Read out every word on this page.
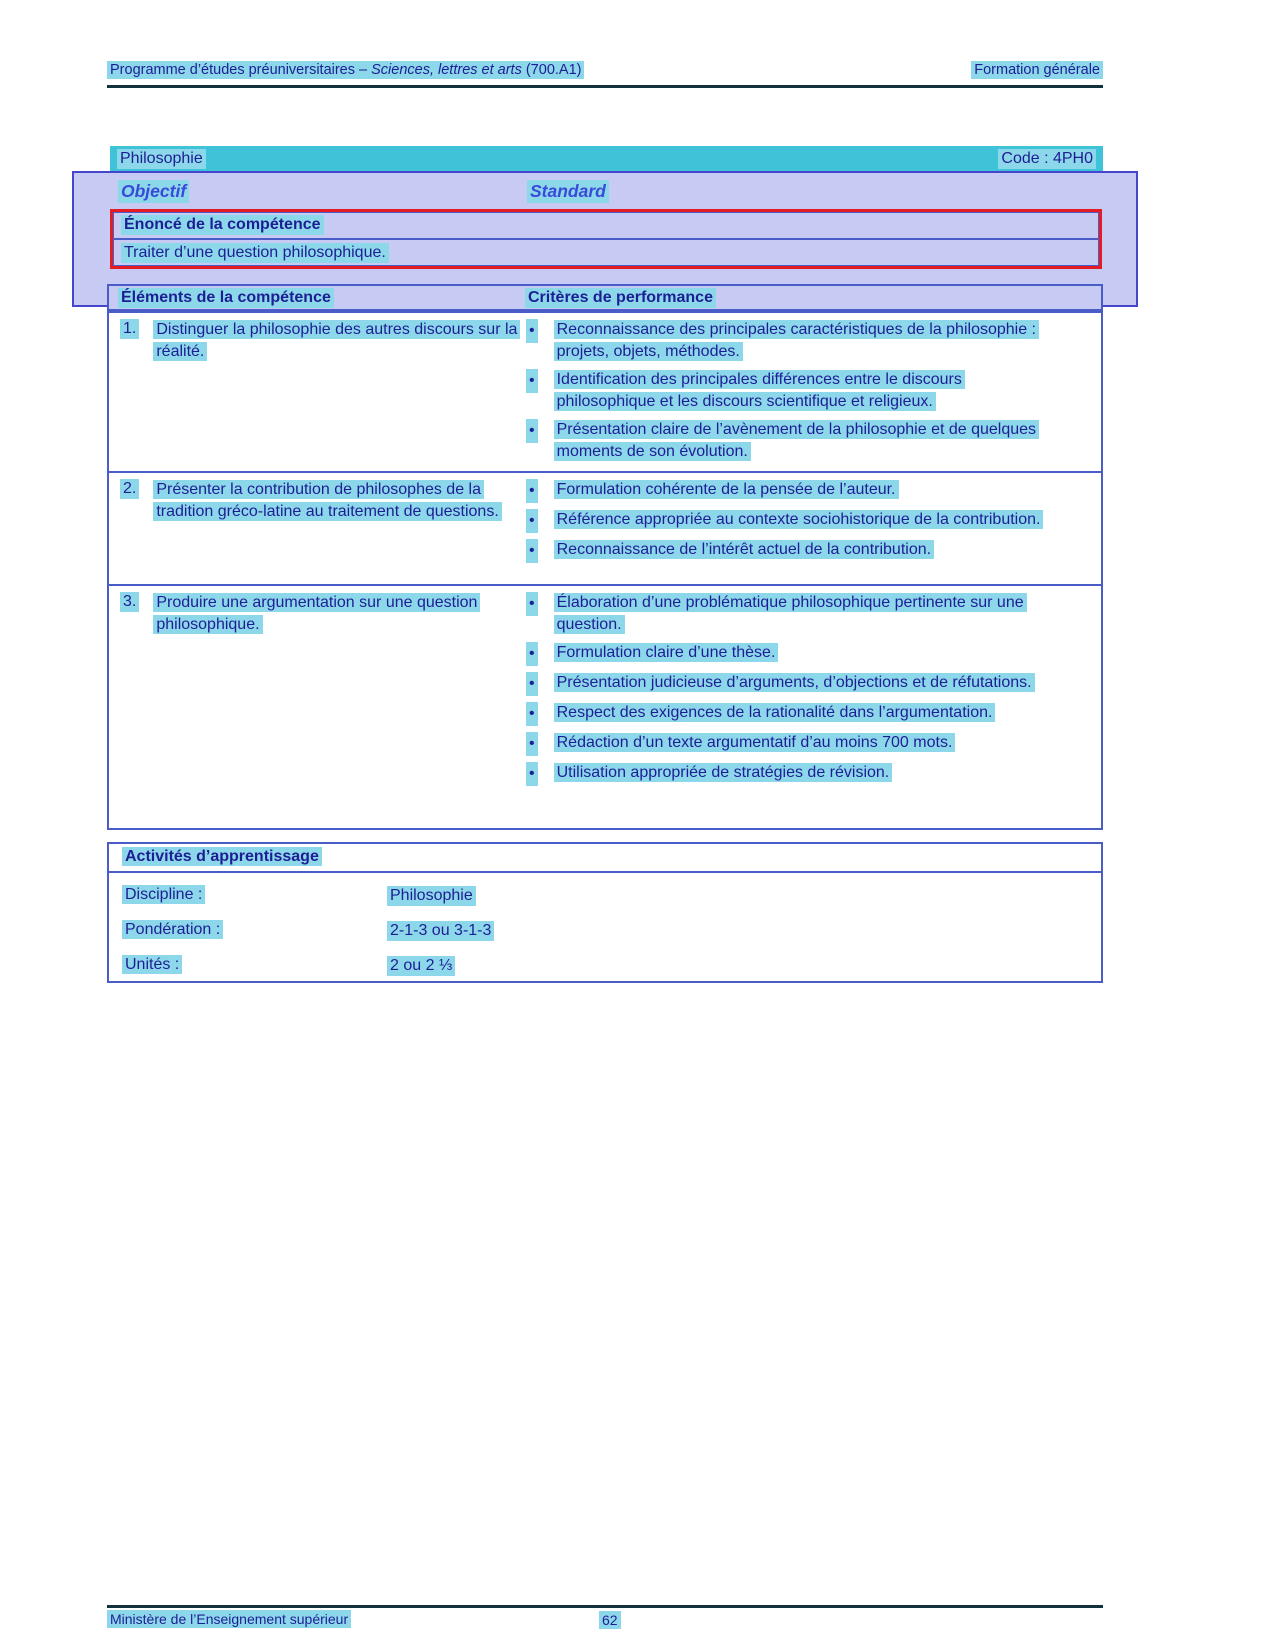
Programme d’études préuniversitaires – Sciences, lettres et arts (700.A1)	Formation générale
Philosophie	Code : 4PH0
Objectif	Standard
Énoncé de la compétence
Traiter d’une question philosophique.
Éléments de la compétence	Critères de performance
1. Distinguer la philosophie des autres discours sur la réalité.
• Reconnaissance des principales caractéristiques de la philosophie : projets, objets, méthodes.
• Identification des principales différences entre le discours philosophique et les discours scientifique et religieux.
• Présentation claire de l’avènement de la philosophie et de quelques moments de son évolution.
2. Présenter la contribution de philosophes de la tradition gréco-latine au traitement de questions.
• Formulation cohérente de la pensée de l’auteur.
• Référence appropriée au contexte sociohistorique de la contribution.
• Reconnaissance de l’intérêt actuel de la contribution.
3. Produire une argumentation sur une question philosophique.
• Élaboration d’une problématique philosophique pertinente sur une question.
• Formulation claire d’une thèse.
• Présentation judicieuse d’arguments, d’objections et de réfutations.
• Respect des exigences de la rationalité dans l’argumentation.
• Rédaction d’un texte argumentatif d’au moins 700 mots.
• Utilisation appropriée de stratégies de révision.
Activités d’apprentissage
Discipline :	Philosophie
Pondération :	2-1-3 ou 3-1-3
Unités :	2 ou 2 ⅓
Ministère de l’Enseignement supérieur	62
